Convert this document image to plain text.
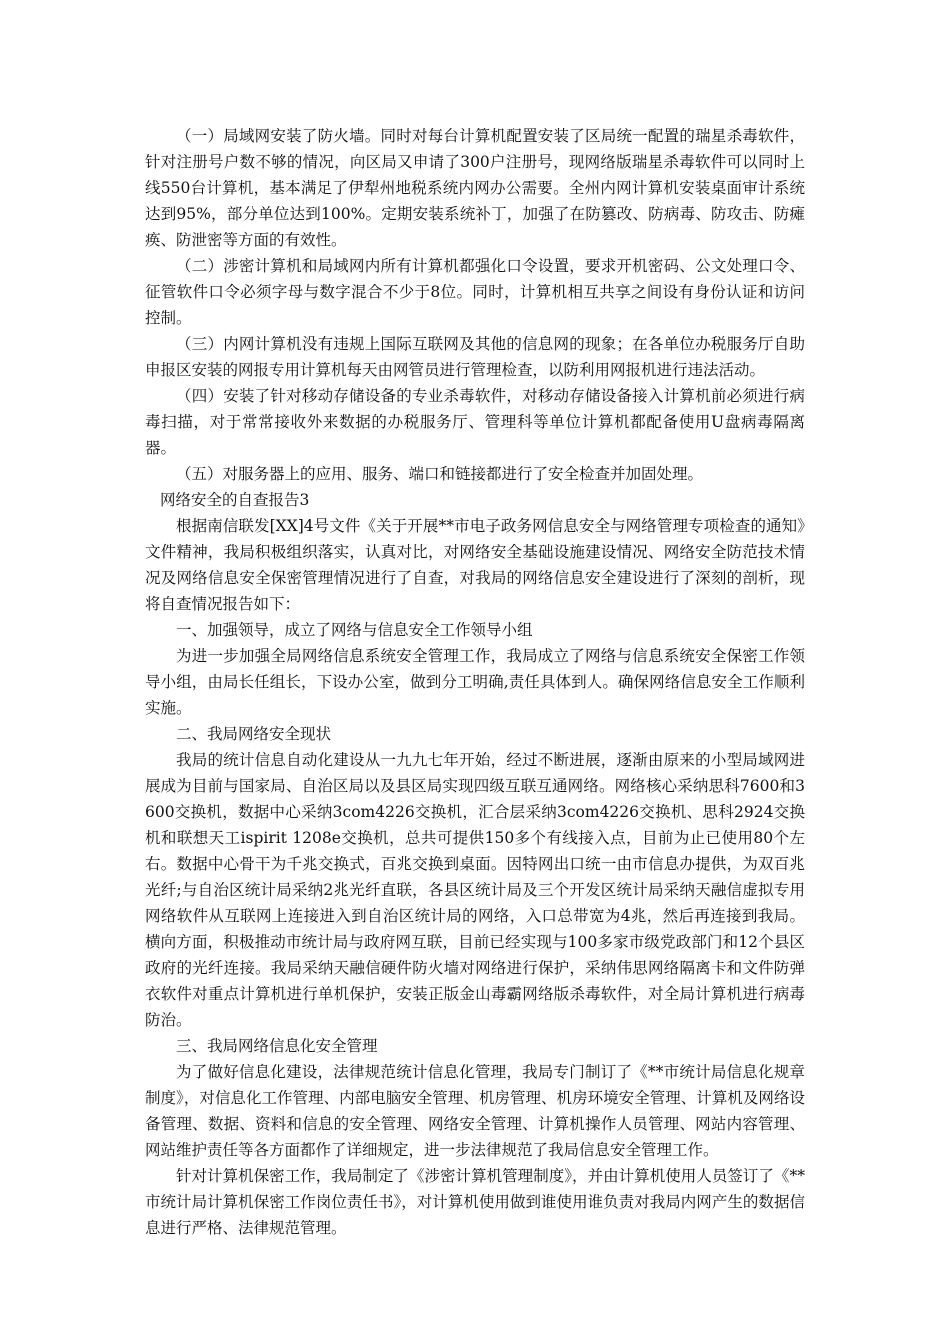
（一）局域网安装了防火墙。同时对每台计算机配置安装了区局统一配置的瑞星杀毒软件，针对注册号户数不够的情况，向区局又申请了300户注册号，现网络版瑞星杀毒软件可以同时上线550台计算机，基本满足了伊犁州地税系统内网办公需要。全州内网计算机安装桌面审计系统达到95%，部分单位达到100%。定期安装系统补丁，加强了在防篡改、防病毒、防攻击、防瘫痪、防泄密等方面的有效性。

（二）涉密计算机和局域网内所有计算机都强化口令设置，要求开机密码、公文处理口令、征管软件口令必须字母与数字混合不少于8位。同时，计算机相互共享之间设有身份认证和访问控制。

（三）内网计算机没有违规上国际互联网及其他的信息网的现象；在各单位办税服务厅自助申报区安装的网报专用计算机每天由网管员进行管理检查，以防利用网报机进行违法活动。

（四）安装了针对移动存储设备的专业杀毒软件，对移动存储设备接入计算机前必须进行病毒扫描，对于常常接收外来数据的办税服务厅、管理科等单位计算机都配备使用U盘病毒隔离器。

（五）对服务器上的应用、服务、端口和链接都进行了安全检查并加固处理。

网络安全的自查报告3

根据南信联发[XX]4号文件《关于开展**市电子政务网信息安全与网络管理专项检查的通知》文件精神，我局积极组织落实，认真对比，对网络安全基础设施建设情况、网络安全防范技术情况及网络信息安全保密管理情况进行了自查，对我局的网络信息安全建设进行了深刻的剖析，现将自查情况报告如下：

一、加强领导，成立了网络与信息安全工作领导小组

为进一步加强全局网络信息系统安全管理工作，我局成立了网络与信息系统安全保密工作领导小组，由局长任组长，下设办公室，做到分工明确,责任具体到人。确保网络信息安全工作顺利实施。

二、我局网络安全现状

我局的统计信息自动化建设从一九九七年开始，经过不断进展，逐渐由原来的小型局域网进展成为目前与国家局、自治区局以及县区局实现四级互联互通网络。网络核心采纳思科7600和3600交换机，数据中心采纳3com4226交换机，汇合层采纳3com4226交换机、思科2924交换机和联想天工ispirit 1208e交换机，总共可提供150多个有线接入点，目前为止已使用80个左右。数据中心骨干为千兆交换式，百兆交换到桌面。因特网出口统一由市信息办提供，为双百兆光纤;与自治区统计局采纳2兆光纤直联，各县区统计局及三个开发区统计局采纳天融信虚拟专用网络软件从互联网上连接进入到自治区统计局的网络，入口总带宽为4兆，然后再连接到我局。横向方面，积极推动市统计局与政府网互联，目前已经实现与100多家市级党政部门和12个县区政府的光纤连接。我局采纳天融信硬件防火墙对网络进行保护，采纳伟思网络隔离卡和文件防弹衣软件对重点计算机进行单机保护，安装正版金山毒霸网络版杀毒软件，对全局计算机进行病毒防治。

三、我局网络信息化安全管理

为了做好信息化建设，法律规范统计信息化管理，我局专门制订了《**市统计局信息化规章制度》，对信息化工作管理、内部电脑安全管理、机房管理、机房环境安全管理、计算机及网络设备管理、数据、资料和信息的安全管理、网络安全管理、计算机操作人员管理、网站内容管理、网站维护责任等各方面都作了详细规定，进一步法律规范了我局信息安全管理工作。

针对计算机保密工作，我局制定了《涉密计算机管理制度》，并由计算机使用人员签订了《**市统计局计算机保密工作岗位责任书》，对计算机使用做到谁使用谁负责对我局内网产生的数据信息进行严格、法律规范管理。
